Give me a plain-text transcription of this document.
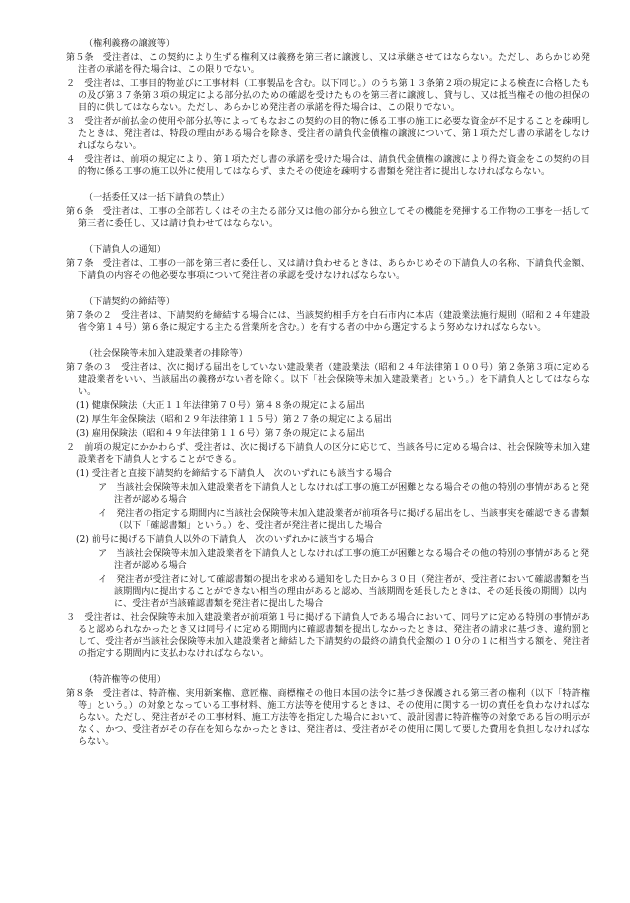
（権利義務の譲渡等）
第５条　受注者は、この契約により生ずる権利又は義務を第三者に譲渡し、又は承継させてはならない。ただし、あらかじめ発注者の承諾を得た場合は、この限りでない。
２　受注者は、工事目的物並びに工事材料（工事製品を含む。以下同じ。）のうち第１３条第２項の規定による検査に合格したもの及び第３７条第３項の規定による部分払のための確認を受けたものを第三者に譲渡し、貸与し、又は抵当権その他の担保の目的に供してはならない。ただし、あらかじめ発注者の承諾を得た場合は、この限りでない。
３　受注者が前払金の使用や部分払等によってもなおこの契約の目的物に係る工事の施工に必要な資金が不足することを疎明したときは、発注者は、特段の理由がある場合を除き、受注者の請負代金債権の譲渡について、第１項ただし書の承諾をしなければならない。
４　受注者は、前項の規定により、第１項ただし書の承諾を受けた場合は、請負代金債権の譲渡により得た資金をこの契約の目的物に係る工事の施工以外に使用してはならず、またその使途を疎明する書類を発注者に提出しなければならない。
（一括委任又は一括下請負の禁止）
第６条　受注者は、工事の全部若しくはその主たる部分又は他の部分から独立してその機能を発揮する工作物の工事を一括して第三者に委任し、又は請け負わせてはならない。
（下請負人の通知）
第７条　受注者は、工事の一部を第三者に委任し、又は請け負わせるときは、あらかじめその下請負人の名称、下請負代金額、下請負の内容その他必要な事項について発注者の承認を受けなければならない。
（下請契約の締結等）
第７条の２　受注者は、下請契約を締結する場合には、当該契約相手方を白石市内に本店（建設業法施行規則（昭和２４年建設省令第１４号）第６条に規定する主たる営業所を含む。）を有する者の中から選定するよう努めなければならない。
（社会保険等未加入建設業者の排除等）
第７条の３　受注者は、次に掲げる届出をしていない建設業者（建設業法（昭和２４年法律第１００号）第２条第３項に定める建設業者をいい、当該届出の義務がない者を除く。以下「社会保険等未加入建設業者」という。）を下請負人としてはならない。
(1) 健康保険法（大正１１年法律第７０号）第４８条の規定による届出
(2) 厚生年金保険法（昭和２９年法律第１１５号）第２７条の規定による届出
(3) 雇用保険法（昭和４９年法律第１１６号）第７条の規定による届出
２　前項の規定にかかわらず、受注者は、次に掲げる下請負人の区分に応じて、当該各号に定める場合は、社会保険等未加入建設業者を下請負人とすることができる。
(1) 受注者と直接下請契約を締結する下請負人　次のいずれにも該当する場合
ア　当該社会保険等未加入建設業者を下請負人としなければ工事の施工が困難となる場合その他の特別の事情があると発注者が認める場合
イ　発注者の指定する期間内に当該社会保険等未加入建設業者が前項各号に掲げる届出をし、当該事実を確認できる書類（以下「確認書類」という。）を、受注者が発注者に提出した場合
(2) 前号に掲げる下請負人以外の下請負人　次のいずれかに該当する場合
ア　当該社会保険等未加入建設業者を下請負人としなければ工事の施工が困難となる場合その他の特別の事情があると発注者が認める場合
イ　発注者が受注者に対して確認書類の提出を求める通知をした日から３０日（発注者が、受注者において確認書類を当該期間内に提出することができない相当の理由があると認め、当該期間を延長したときは、その延長後の期間）以内に、受注者が当該確認書類を発注者に提出した場合
３　受注者は、社会保険等未加入建設業者が前項第１号に掲げる下請負人である場合において、同号アに定める特別の事情があると認められなかったとき又は同号イに定める期間内に確認書類を提出しなかったときは、発注者の請求に基づき、違約罰として、受注者が当該社会保険等未加入建設業者と締結した下請契約の最終の請負代金額の１０分の１に相当する額を、発注者の指定する期間内に支払わなければならない。
（特許権等の使用）
第８条　受注者は、特許権、実用新案権、意匠権、商標権その他日本国の法令に基づき保護される第三者の権利（以下「特許権等」という。）の対象となっている工事材料、施工方法等を使用するときは、その使用に関する一切の責任を負わなければならない。ただし、発注者がその工事材料、施工方法等を指定した場合において、設計図書に特許権等の対象である旨の明示がなく、かつ、受注者がその存在を知らなかったときは、発注者は、受注者がその使用に関して要した費用を負担しなければならない。
